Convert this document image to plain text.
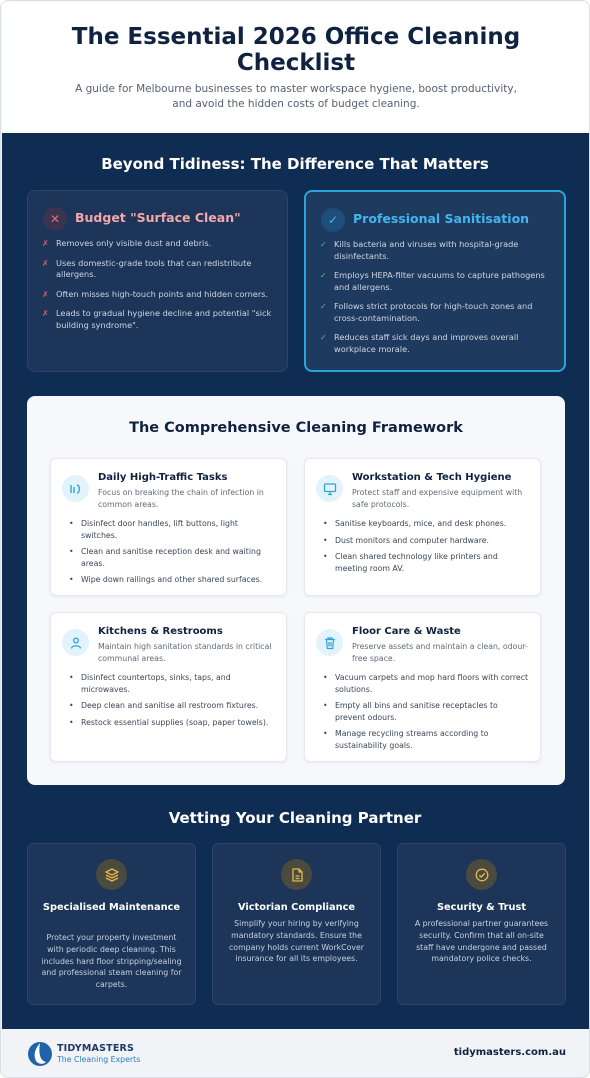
The Essential 2026 Office Cleaning Checklist

A guide for Melbourne businesses to master workspace hygiene, boost productivity, and avoid the hidden costs of budget cleaning.

Beyond Tidiness: The Difference That Matters
✕	Budget "Surface Clean"
✗ Removes only visible dust and debris.
✗ Uses domestic-grade tools that can redistribute allergens.
✗ Often misses high-touch points and hidden corners.
✗ Leads to gradual hygiene decline and potential "sick building syndrome".
✓	Professional Sanitisation
✓ Kills bacteria and viruses with hospital-grade disinfectants.
✓ Employs HEPA-filter vacuums to capture pathogens and allergens.
✓ Follows strict protocols for high-touch zones and cross-contamination.
✓ Reduces staff sick days and improves overall workplace morale.
The Comprehensive Cleaning Framework
Daily High-Traffic Tasks
Focus on breaking the chain of infection in common areas.
• Disinfect door handles, lift buttons, light switches.
• Clean and sanitise reception desk and waiting areas.
• Wipe down railings and other shared surfaces.
Workstation & Tech Hygiene
Protect staff and expensive equipment with safe protocols.
• Sanitise keyboards, mice, and desk phones.
• Dust monitors and computer hardware.
• Clean shared technology like printers and meeting room AV.
Kitchens & Restrooms
Maintain high sanitation standards in critical communal areas.
• Disinfect countertops, sinks, taps, and microwaves.
• Deep clean and sanitise all restroom fixtures.
• Restock essential supplies (soap, paper towels).
Floor Care & Waste
Preserve assets and maintain a clean, odour-free space.
• Vacuum carpets and mop hard floors with correct solutions.
• Empty all bins and sanitise receptacles to prevent odours.
• Manage recycling streams according to sustainability goals.
Vetting Your Cleaning Partner
Specialised Maintenance
Protect your property investment with periodic deep cleaning. This includes hard floor stripping/sealing and professional steam cleaning for carpets.
Victorian Compliance
Simplify your hiring by verifying mandatory standards. Ensure the company holds current WorkCover insurance for all its employees.
Security & Trust
A professional partner guarantees security. Confirm that all on-site staff have undergone and passed mandatory police checks.
TIDYMASTERS
The Cleaning Experts
tidymasters.com.au
